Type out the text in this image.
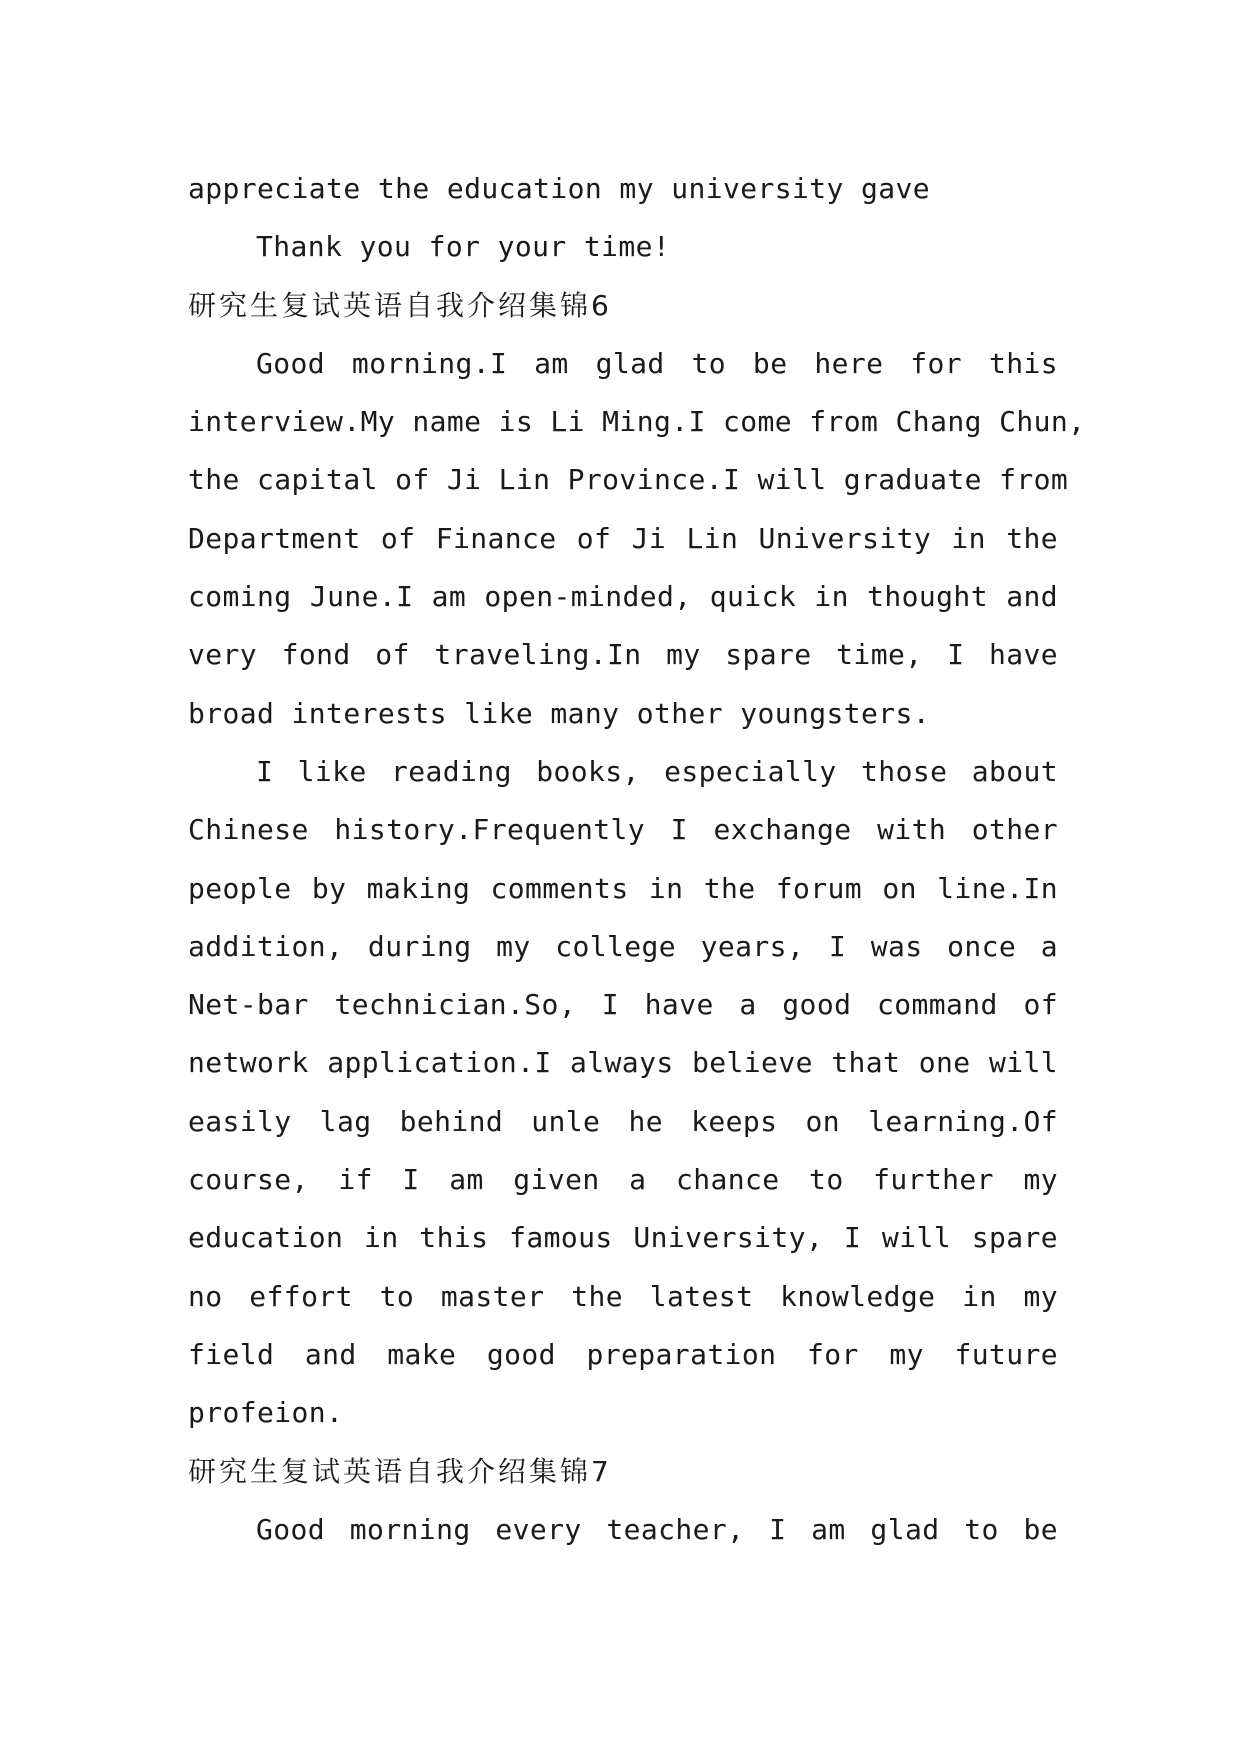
appreciate the education my university gave
Thank you for your time!
研究生复试英语自我介绍集锦6
Good morning.I am glad to be here for this
interview.My name is Li Ming.I come from Chang Chun,
the capital of Ji Lin Province.I will graduate from
Department of Finance of Ji Lin University in the
coming June.I am open-minded, quick in thought and
very fond of traveling.In my spare time, I have
broad interests like many other youngsters.
I like reading books, especially those about
Chinese history.Frequently I exchange with other
people by making comments in the forum on line.In
addition, during my college years, I was once a
Net-bar technician.So, I have a good command of
network application.I always believe that one will
easily lag behind unle he keeps on learning.Of
course, if I am given a chance to further my
education in this famous University, I will spare
no effort to master the latest knowledge in my
field and make good preparation for my future
profeion.
研究生复试英语自我介绍集锦7
Good morning every teacher, I am glad to be
